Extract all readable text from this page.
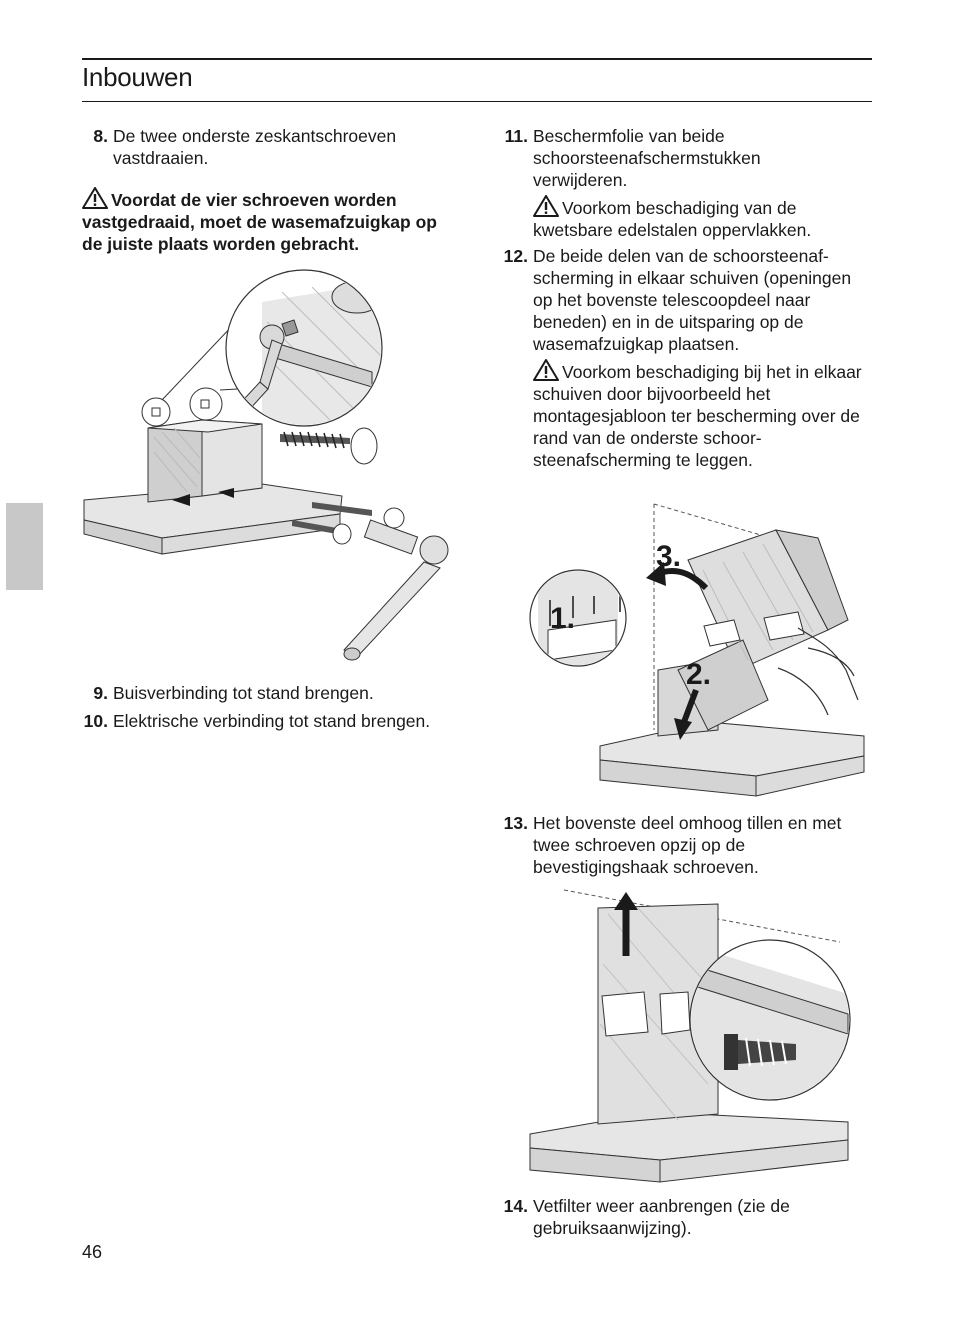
Inbouwen
8. De twee onderste zeskantschroeven vastdraaien.
Voordat de vier schroeven worden vastgedraaid, moet de wasemafzuigkap op de juiste plaats worden gebracht.
9. Buisverbinding tot stand brengen.
10. Elektrische verbinding tot stand brengen.
11. Beschermfolie van beide schoorsteenafschermstukken verwijderen.
Voorkom beschadiging van de kwetsbare edelstalen oppervlakken.
12. De beide delen van de schoorsteenaf-scherming in elkaar schuiven (openingen op het bovenste telescoopdeel naar beneden) en in de uitsparing op de wasemafzuigkap plaatsen.
Voorkom beschadiging bij het in elkaar schuiven door bijvoorbeeld het montagesjabloon ter bescherming over de rand van de onderste schoor-steenafscherming te leggen.
3.
1.
2.
13. Het bovenste deel omhoog tillen en met twee schroeven opzij op de bevestigingshaak schroeven.
14. Vetfilter weer aanbrengen (zie de gebruiksaanwijzing).
46
